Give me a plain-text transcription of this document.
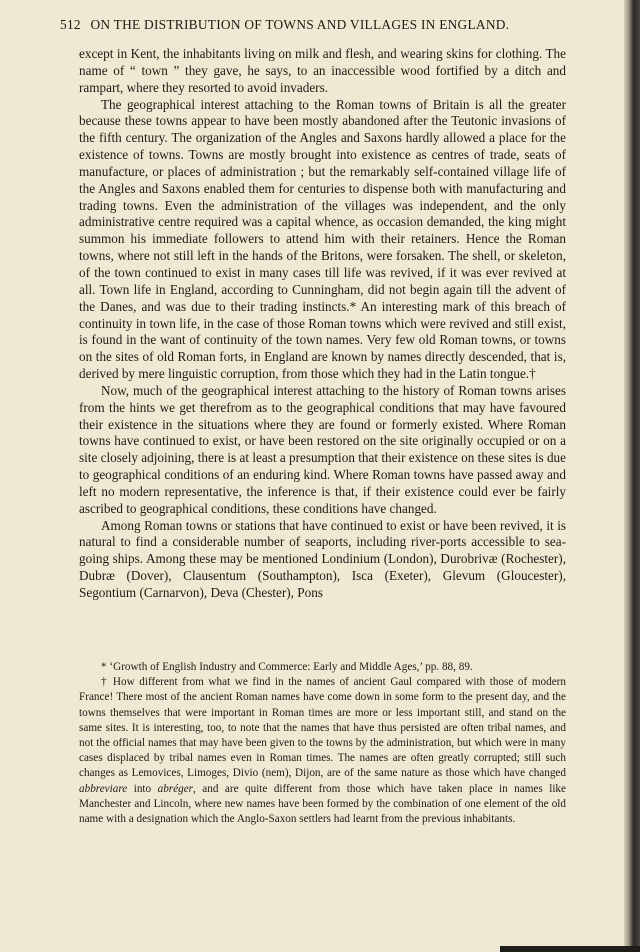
512 ON THE DISTRIBUTION OF TOWNS AND VILLAGES IN ENGLAND.

except in Kent, the inhabitants living on milk and flesh, and wearing skins for clothing. The name of “ town ” they gave, he says, to an inaccessible wood fortified by a ditch and rampart, where they resorted to avoid invaders.

The geographical interest attaching to the Roman towns of Britain is all the greater because these towns appear to have been mostly abandoned after the Teutonic invasions of the fifth century. The organization of the Angles and Saxons hardly allowed a place for the existence of towns. Towns are mostly brought into existence as centres of trade, seats of manufacture, or places of administration ; but the remarkably self-contained village life of the Angles and Saxons enabled them for centuries to dispense both with manufacturing and trading towns. Even the administration of the villages was independent, and the only administrative centre required was a capital whence, as occasion demanded, the king might summon his immediate followers to attend him with their retainers. Hence the Roman towns, where not still left in the hands of the Britons, were forsaken. The shell, or skeleton, of the town continued to exist in many cases till life was revived, if it was ever revived at all. Town life in England, according to Cunningham, did not begin again till the advent of the Danes, and was due to their trading instincts.* An interesting mark of this breach of continuity in town life, in the case of those Roman towns which were revived and still exist, is found in the want of continuity of the town names. Very few old Roman towns, or towns on the sites of old Roman forts, in England are known by names directly descended, that is, derived by mere linguistic corruption, from those which they had in the Latin tongue.†

Now, much of the geographical interest attaching to the history of Roman towns arises from the hints we get therefrom as to the geographical conditions that may have favoured their existence in the situations where they are found or formerly existed. Where Roman towns have continued to exist, or have been restored on the site originally occupied or on a site closely adjoining, there is at least a presumption that their existence on these sites is due to geographical conditions of an enduring kind. Where Roman towns have passed away and left no modern representative, the inference is that, if their existence could ever be fairly ascribed to geographical conditions, these conditions have changed.

Among Roman towns or stations that have continued to exist or have been revived, it is natural to find a considerable number of seaports, including river-ports accessible to sea-going ships. Among these may be mentioned Londinium (London), Durobrivæ (Rochester), Dubræ (Dover), Clausentum (Southampton), Isca (Exeter), Glevum (Gloucester), Segontium (Carnarvon), Deva (Chester), Pons

* ‘Growth of English Industry and Commerce: Early and Middle Ages,’ pp. 88, 89.

† How different from what we find in the names of ancient Gaul compared with those of modern France! There most of the ancient Roman names have come down in some form to the present day, and the towns themselves that were important in Roman times are more or less important still, and stand on the same sites. It is interesting, too, to note that the names that have thus persisted are often tribal names, and not the official names that may have been given to the towns by the administration, but which were in many cases displaced by tribal names even in Roman times. The names are often greatly corrupted; still such changes as Lemovices, Limoges, Divio (nem), Dijon, are of the same nature as those which have changed abbreviare into abréger, and are quite different from those which have taken place in names like Manchester and Lincoln, where new names have been formed by the combination of one element of the old name with a designation which the Anglo-Saxon settlers had learnt from the previous inhabitants.
